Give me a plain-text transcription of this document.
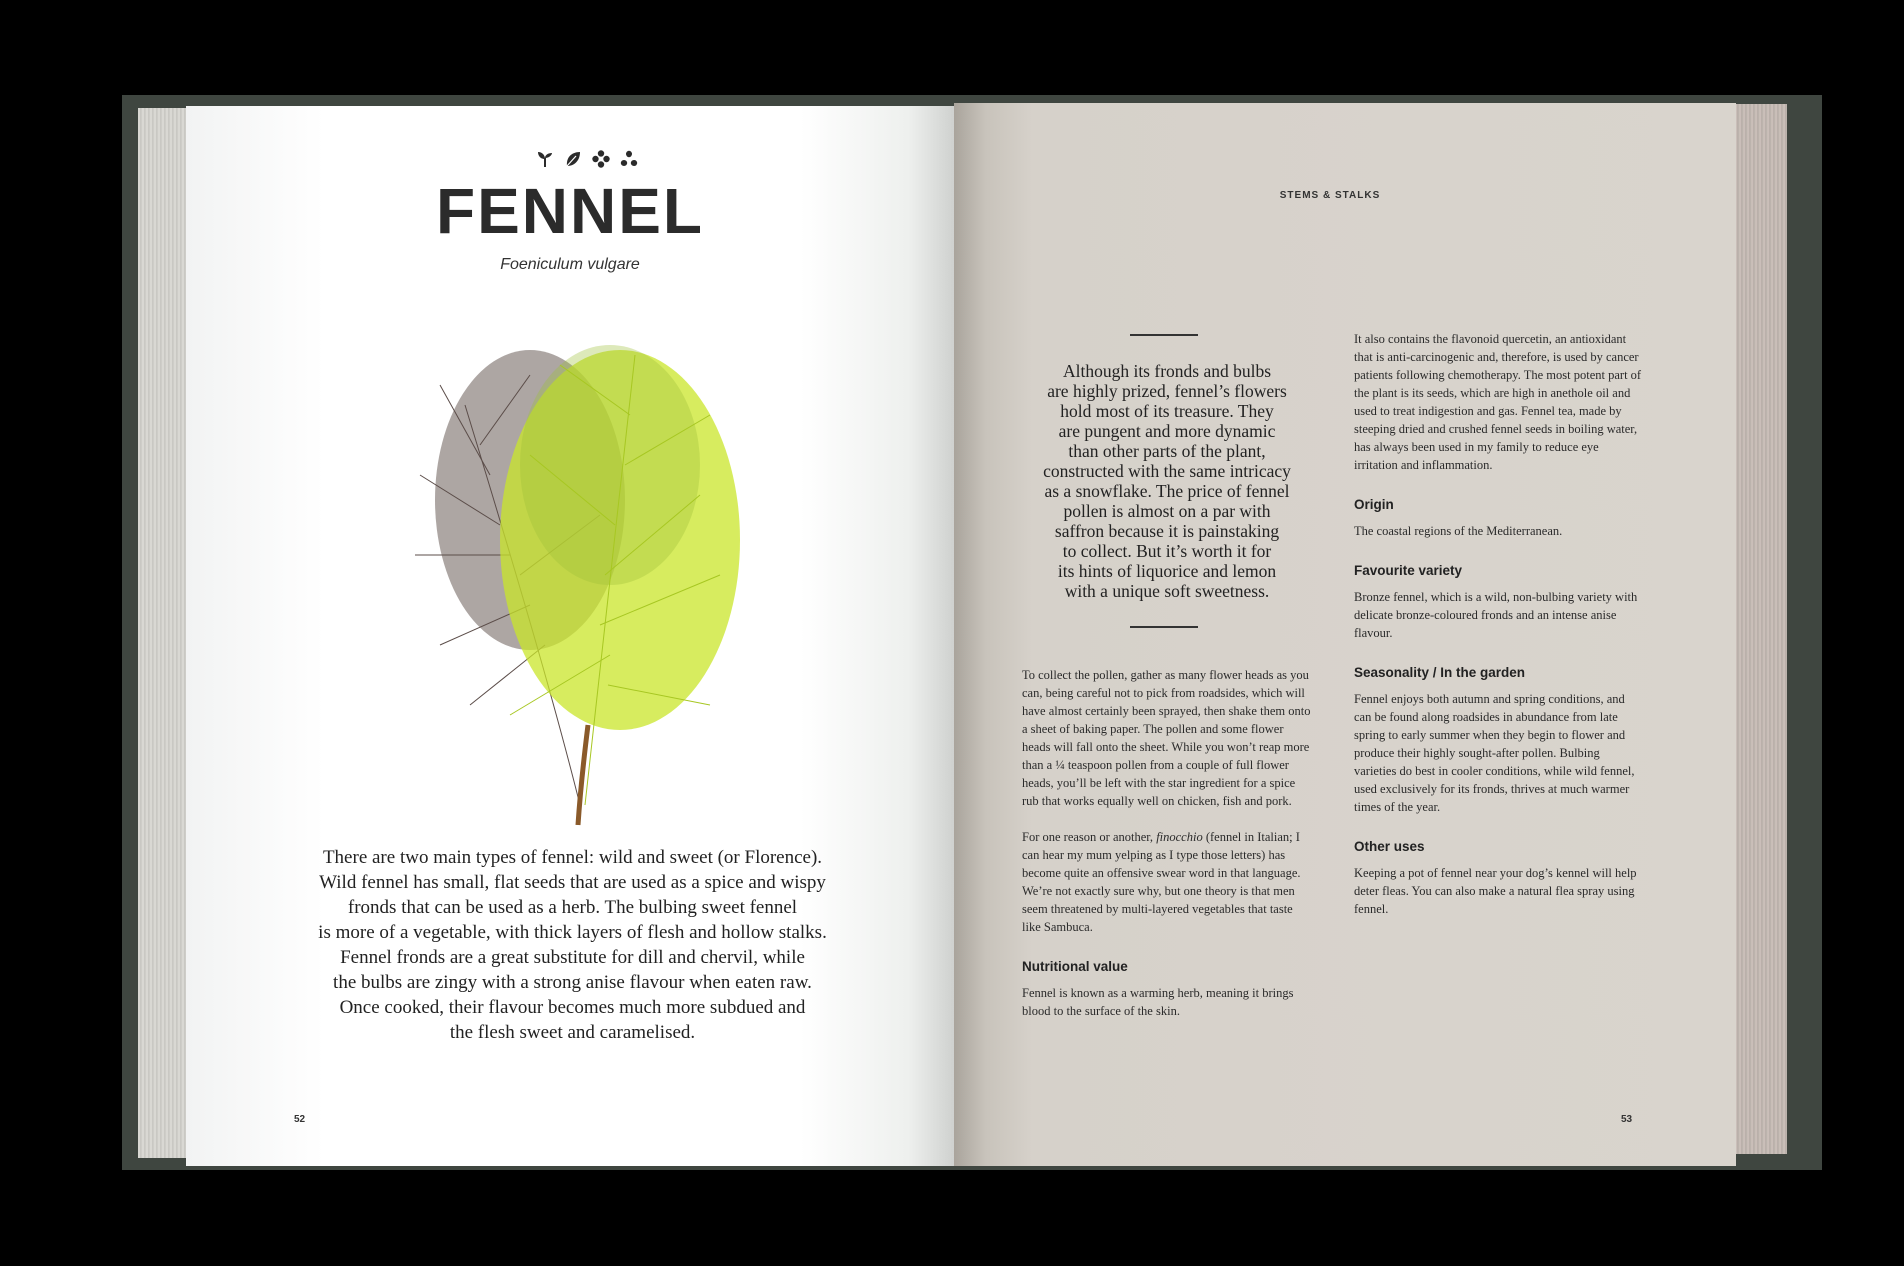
FENNEL
Foeniculum vulgare

There are two main types of fennel: wild and sweet (or Florence).

Wild fennel has small, flat seeds that are used as a spice and wispy

fronds that can be used as a herb. The bulbing sweet fennel

is more of a vegetable, with thick layers of flesh and hollow stalks.

Fennel fronds are a great substitute for dill and chervil, while

the bulbs are zingy with a strong anise flavour when eaten raw.

Once cooked, their flavour becomes much more subdued and

the flesh sweet and caramelised.

52
STEMS & STALKS

Although its fronds and bulbs

are highly prized, fennel’s flowers

hold most of its treasure. They

are pungent and more dynamic

than other parts of the plant,

constructed with the same intricacy

as a snowflake. The price of fennel

pollen is almost on a par with

saffron because it is painstaking

to collect. But it’s worth it for

its hints of liquorice and lemon

with a unique soft sweetness.

To collect the pollen, gather as many flower heads as you can, being careful not to pick from roadsides, which will have almost certainly been sprayed, then shake them onto a sheet of baking paper. The pollen and some flower heads will fall onto the sheet. While you won’t reap more than a ¼ teaspoon pollen from a couple of full flower heads, you’ll be left with the star ingredient for a spice rub that works equally well on chicken, fish and pork.

For one reason or another, finocchio (fennel in Italian; I can hear my mum yelping as I type those letters) has become quite an offensive swear word in that language. We’re not exactly sure why, but one theory is that men seem threatened by multi-layered vegetables that taste like Sambuca.

Nutritional value

Fennel is known as a warming herb, meaning it brings blood to the surface of the skin.

It also contains the flavonoid quercetin, an antioxidant that is anti-carcinogenic and, therefore, is used by cancer patients following chemotherapy. The most potent part of the plant is its seeds, which are high in anethole oil and used to treat indigestion and gas. Fennel tea, made by steeping dried and crushed fennel seeds in boiling water, has always been used in my family to reduce eye irritation and inflammation.

Origin

The coastal regions of the Mediterranean.

Favourite variety

Bronze fennel, which is a wild, non-bulbing variety with delicate bronze-coloured fronds and an intense anise flavour.

Seasonality / In the garden

Fennel enjoys both autumn and spring conditions, and can be found along roadsides in abundance from late spring to early summer when they begin to flower and produce their highly sought-after pollen. Bulbing varieties do best in cooler conditions, while wild fennel, used exclusively for its fronds, thrives at much warmer times of the year.

Other uses

Keeping a pot of fennel near your dog’s kennel will help deter fleas. You can also make a natural flea spray using fennel.

53
